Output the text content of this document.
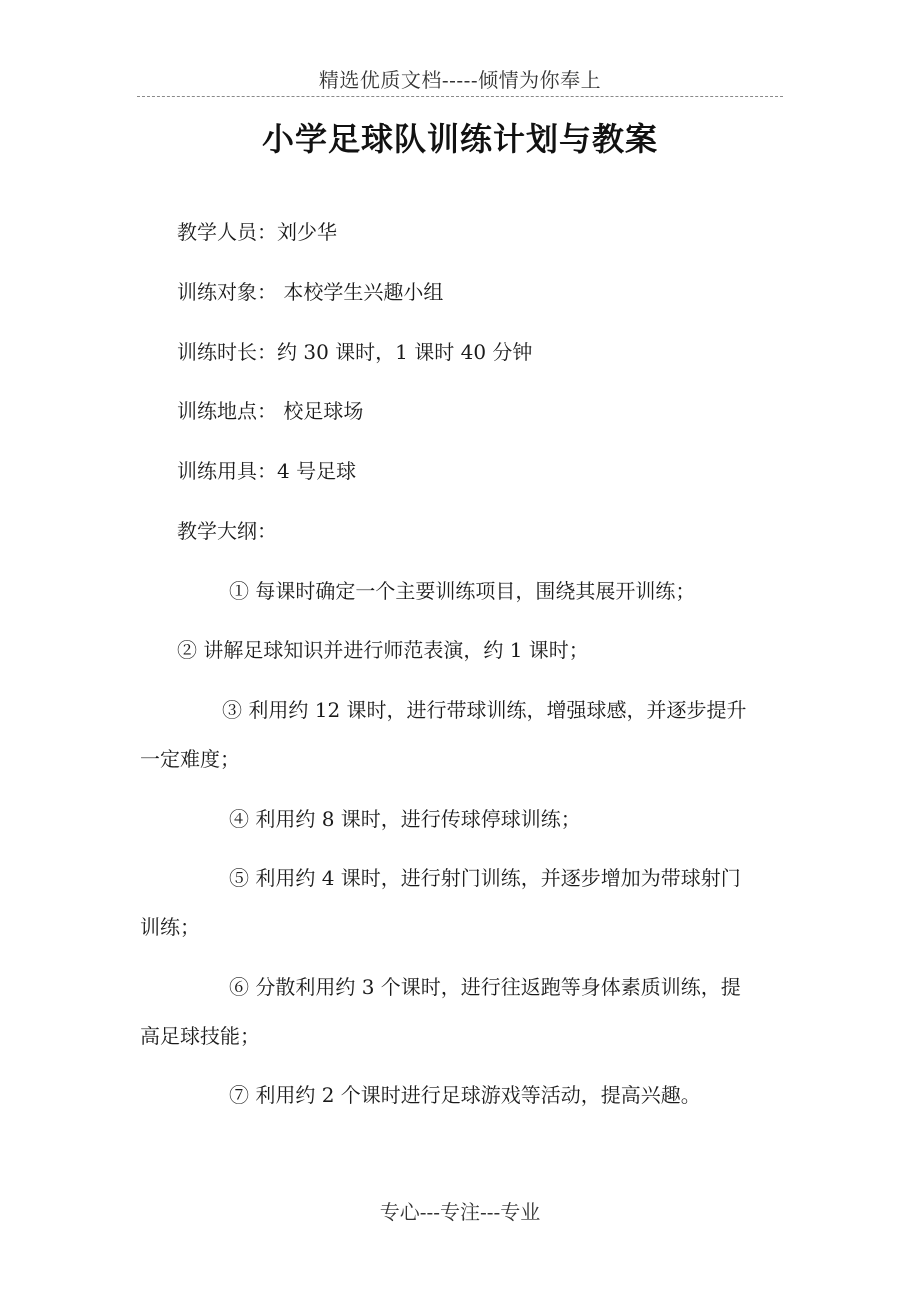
精选优质文档-----倾情为你奉上
小学足球队训练计划与教案
教学人员：刘少华
训练对象： 本校学生兴趣小组
训练时长：约 30 课时，1 课时 40 分钟
训练地点： 校足球场
训练用具：4 号足球
教学大纲：
① 每课时确定一个主要训练项目，围绕其展开训练；
② 讲解足球知识并进行师范表演，约 1 课时；
③ 利用约 12 课时，进行带球训练，增强球感，并逐步提升
一定难度；
④ 利用约 8 课时，进行传球停球训练；
⑤ 利用约 4 课时，进行射门训练，并逐步增加为带球射门
训练；
⑥ 分散利用约 3 个课时，进行往返跑等身体素质训练，提
高足球技能；
⑦ 利用约 2 个课时进行足球游戏等活动，提高兴趣。
专心---专注---专业
